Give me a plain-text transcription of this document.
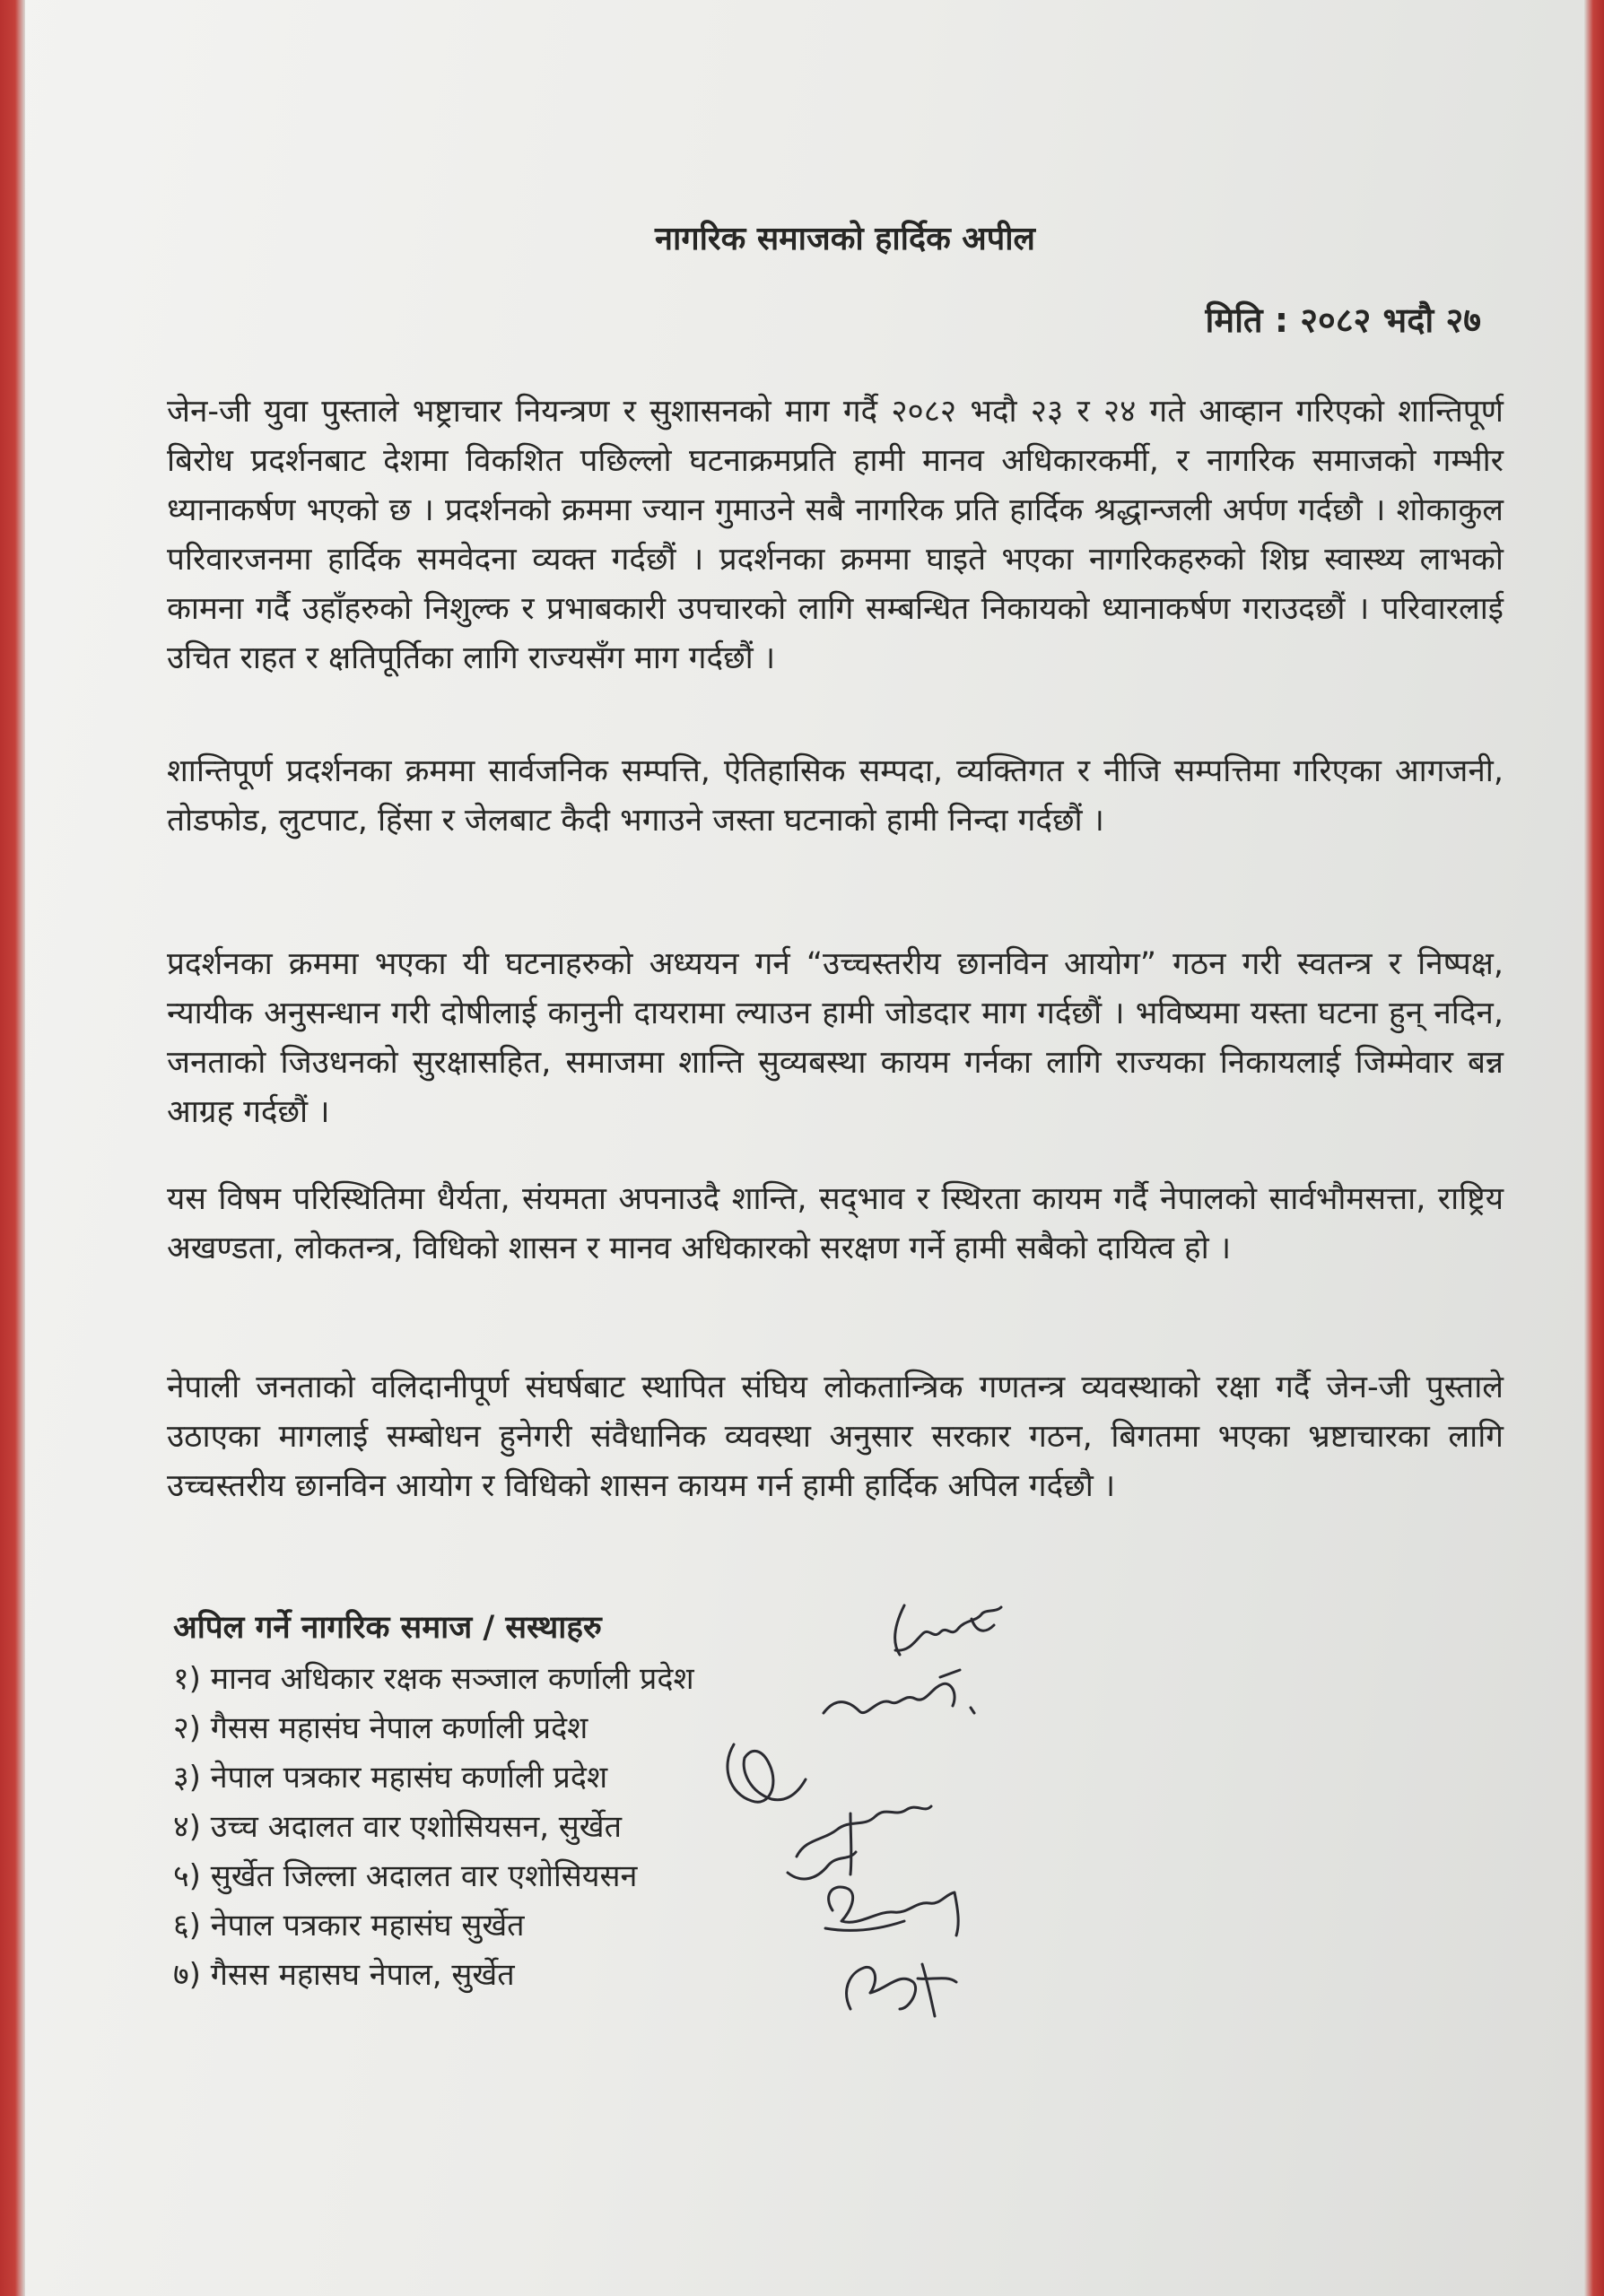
नागरिक समाजको हार्दिक अपील
मिति : २०८२ भदौ २७

जेन-जी युवा पुस्ताले भष्ट्राचार नियन्त्रण र सुशासनको माग गर्दै २०८२ भदौ २३ र २४ गते आव्हान गरिएको शान्तिपूर्ण बिरोध प्रदर्शनबाट देशमा विकशित पछिल्लो घटनाक्रमप्रति हामी मानव अधिकारकर्मी, र नागरिक समाजको गम्भीर ध्यानाकर्षण भएको छ । प्रदर्शनको क्रममा ज्यान गुमाउने सबै नागरिक प्रति हार्दिक श्रद्धान्जली अर्पण गर्दछौ । शोकाकुल परिवारजनमा हार्दिक समवेदना व्यक्त गर्दछौं । प्रदर्शनका क्रममा घाइते भएका नागरिकहरुको शिघ्र स्वास्थ्य लाभको कामना गर्दै उहाँहरुको निशुल्क र प्रभाबकारी उपचारको लागि सम्बन्धित निकायको ध्यानाकर्षण गराउदछौं । परिवारलाई उचित राहत र क्षतिपूर्तिका लागि राज्यसँग माग गर्दछौं ।

शान्तिपूर्ण प्रदर्शनका क्रममा सार्वजनिक सम्पत्ति, ऐतिहासिक सम्पदा, व्यक्तिगत र नीजि सम्पत्तिमा गरिएका आगजनी, तोडफोड, लुटपाट, हिंसा र जेलबाट कैदी भगाउने जस्ता घटनाको हामी निन्दा गर्दछौं ।

प्रदर्शनका क्रममा भएका यी घटनाहरुको अध्ययन गर्न “उच्चस्तरीय छानविन आयोग” गठन गरी स्वतन्त्र र निष्पक्ष, न्यायीक अनुसन्धान गरी दोषीलाई कानुनी दायरामा ल्याउन हामी जोडदार माग गर्दछौं । भविष्यमा यस्ता घटना हुन् नदिन, जनताको जिउधनको सुरक्षासहित, समाजमा शान्ति सुव्यबस्था कायम गर्नका लागि राज्यका निकायलाई जिम्मेवार बन्न आग्रह गर्दछौं ।

यस विषम परिस्थितिमा धैर्यता, संयमता अपनाउदै शान्ति, सद्‌भाव र स्थिरता कायम गर्दै नेपालको सार्वभौमसत्ता, राष्ट्रिय अखण्डता, लोकतन्त्र, विधिको शासन र मानव अधिकारको सरक्षण गर्ने हामी सबैको दायित्व हो ।

नेपाली जनताको वलिदानीपूर्ण संघर्षबाट स्थापित संघिय लोकतान्त्रिक गणतन्त्र व्यवस्थाको रक्षा गर्दै जेन-जी पुस्ताले उठाएका मागलाई सम्बोधन हुनेगरी संवैधानिक व्यवस्था अनुसार सरकार गठन, बिगतमा भएका भ्रष्टाचारका लागि उच्चस्तरीय छानविन आयोग र विधिको शासन कायम गर्न हामी हार्दिक अपिल गर्दछौ ।

अपिल गर्ने नागरिक समाज / सस्थाहरु
१) मानव अधिकार रक्षक सञ्जाल कर्णाली प्रदेश
२) गैसस महासंघ नेपाल कर्णाली प्रदेश
३) नेपाल पत्रकार महासंघ कर्णाली प्रदेश
४) उच्च अदालत वार एशोसियसन, सुर्खेत
५) सुर्खेत जिल्ला अदालत वार एशोसियसन
६) नेपाल पत्रकार महासंघ सुर्खेत
७) गैसस महासघ नेपाल, सुर्खेत
